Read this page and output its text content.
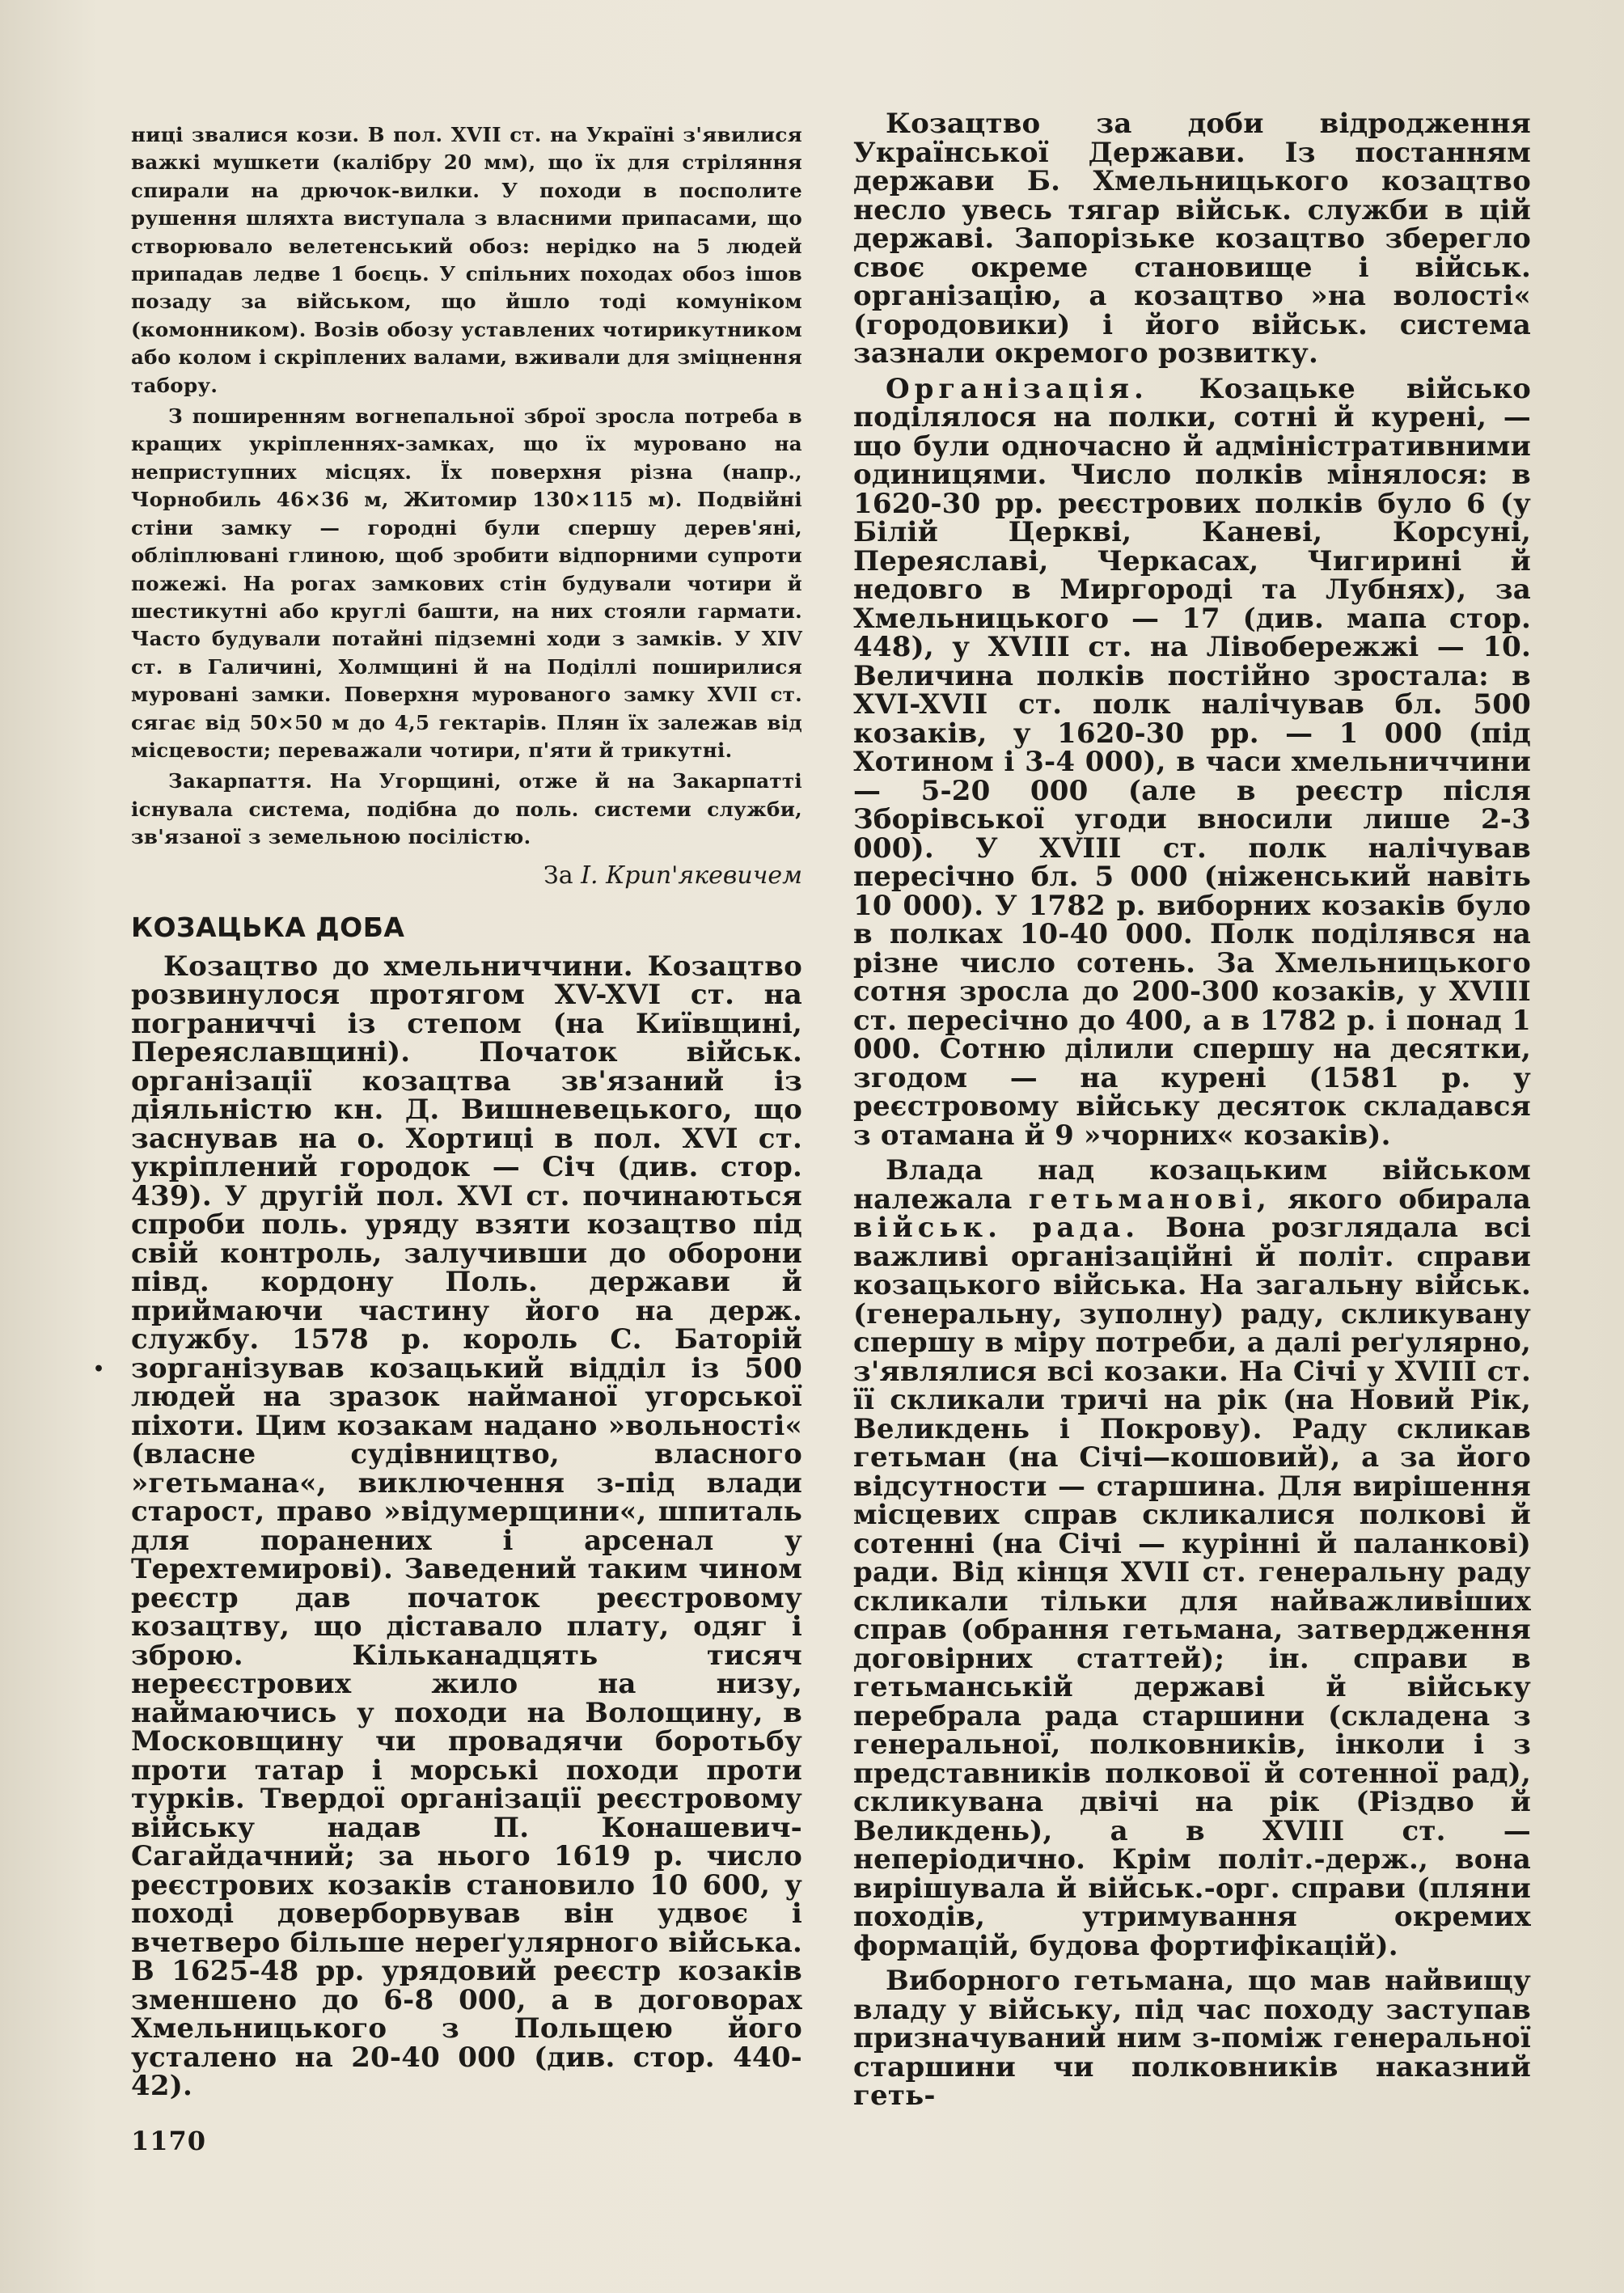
ниці звалися кози. В пол. XVII ст. на Україні з'явилися важкі мушкети (калібру 20 мм), що їх для стріляння спирали на дрючок-вилки. У походи в посполите рушення шляхта виступала з власними припасами, що створювало велетенський обоз: нерідко на 5 людей припадав ледве 1 боєць. У спільних походах обоз ішов позаду за військом, що йшло тоді комуніком (комонником). Возів обозу уставлених чотирикутником або колом і скріплених валами, вживали для зміцнення табору.

З поширенням вогнепальної зброї зросла потреба в кращих укріпленнях-замках, що їх муровано на неприступних місцях. Їх поверхня різна (напр., Чорнобиль 46×36 м, Житомир 130×115 м). Подвійні стіни замку — городні були спершу дерев'яні, обліплювані глиною, щоб зробити відпорними супроти пожежі. На рогах замкових стін будували чотири й шестикутні або круглі башти, на них стояли гармати. Часто будували потайні підземні ходи з замків. У XIV ст. в Галичині, Холмщині й на Поділлі поширилися муровані замки. Поверхня мурованого замку XVII ст. сягає від 50×50 м до 4,5 гектарів. Плян їх залежав від місцевости; переважали чотири, п'яти й трикутні.

Закарпаття. На Угорщині, отже й на Закарпатті існувала система, подібна до поль. системи служби, зв'язаної з земельною посілістю.

За І. Крип'якевичем
КОЗАЦЬКА ДОБА

Козацтво до хмельниччини. Козацтво розвинулося протягом XV-XVI ст. на пограниччі із степом (на Київщині, Переяславщині). Початок військ. організації козацтва зв'язаний із діяльністю кн. Д. Вишневецького, що заснував на о. Хортиці в пол. XVI ст. укріплений городок — Січ (див. стор. 439). У другій пол. XVI ст. починаються спроби поль. уряду взяти козацтво під свій контроль, залучивши до оборони півд. кордону Поль. держави й приймаючи частину його на держ. службу. 1578 р. король С. Баторій зорганізував козацький відділ із 500 людей на зразок найманої угорської піхоти. Цим козакам надано »вольності« (власне судівництво, власного »гетьмана«, виключення з-під влади старост, право »відумерщини«, шпиталь для поранених і арсенал у Терехтемирові). Заведений таким чином реєстр дав початок реєстровому козацтву, що діставало плату, одяг і зброю. Кільканадцять тисяч нереєстрових жило на низу, наймаючись у походи на Волощину, в Московщину чи провадячи боротьбу проти татар і морські походи проти турків. Твердої організації реєстровому війську надав П. Конашевич-Сагайдачний; за нього 1619 р. число реєстрових козаків становило 10 600, у поході доверборвував він удвоє і вчетверо більше нереґулярного війська. В 1625-48 рр. урядовий реєстр козаків зменшено до 6-8 000, а в договорах Хмельницького з Польщею його усталено на 20-40 000 (див. стор. 440-42).

•

Козацтво за доби відродження Української Держави. Із постанням держави Б. Хмельницького козацтво несло увесь тягар військ. служби в цій державі. Запорізьке козацтво зберегло своє окреме становище і військ. організацію, а козацтво »на волості« (городовики) і його військ. система зазнали окремого розвитку.

Організація. Козацьке військо поділялося на полки, сотні й курені, — що були одночасно й адміністративними одиницями. Число полків мінялося: в 1620-30 рр. реєстрових полків було 6 (у Білій Церкві, Каневі, Корсуні, Переяславі, Черкасах, Чигирині й недовго в Миргороді та Лубнях), за Хмельницького — 17 (див. мапа стор. 448), у XVIII ст. на Лівобережжі — 10. Величина полків постійно зростала: в XVI-XVII ст. полк налічував бл. 500 козаків, у 1620-30 рр. — 1 000 (під Хотином і 3-4 000), в часи хмельниччини — 5-20 000 (але в реєстр після Зборівської угоди вносили лише 2-3 000). У XVIII ст. полк налічував пересічно бл. 5 000 (ніженський навіть 10 000). У 1782 р. виборних козаків було в полках 10-40 000. Полк поділявся на різне число сотень. За Хмельницького сотня зросла до 200-300 козаків, у XVIII ст. пересічно до 400, а в 1782 р. і понад 1 000. Сотню ділили спершу на десятки, згодом — на курені (1581 р. у реєстровому війську десяток складався з отамана й 9 »чорних« козаків).

Влада над козацьким військом належала гетьманові, якого обирала військ. рада. Вона розглядала всі важливі організаційні й політ. справи козацького війська. На загальну військ. (генеральну, зуполну) раду, скликувану спершу в міру потреби, а далі реґулярно, з'являлися всі козаки. На Січі у XVIII ст. її скликали тричі на рік (на Новий Рік, Великдень і Покрову). Раду скликав гетьман (на Січі—кошовий), а за його відсутности — старшина. Для вирішення місцевих справ скликалися полкові й сотенні (на Січі — курінні й паланкові) ради. Від кінця XVII ст. генеральну раду скликали тільки для найважливіших справ (обрання гетьмана, затвердження договірних статтей); ін. справи в гетьманській державі й війську перебрала рада старшини (складена з генеральної, полковників, інколи і з представників полкової й сотенної рад), скликувана двічі на рік (Різдво й Великдень), а в XVIII ст. — неперіодично. Крім політ.-держ., вона вирішувала й військ.-орг. справи (пляни походів, утримування окремих формацій, будова фортифікацій).

Виборного гетьмана, що мав найвищу владу у війську, під час походу заступав призначуваний ним з-поміж генеральної старшини чи полковників наказний геть-

1170
